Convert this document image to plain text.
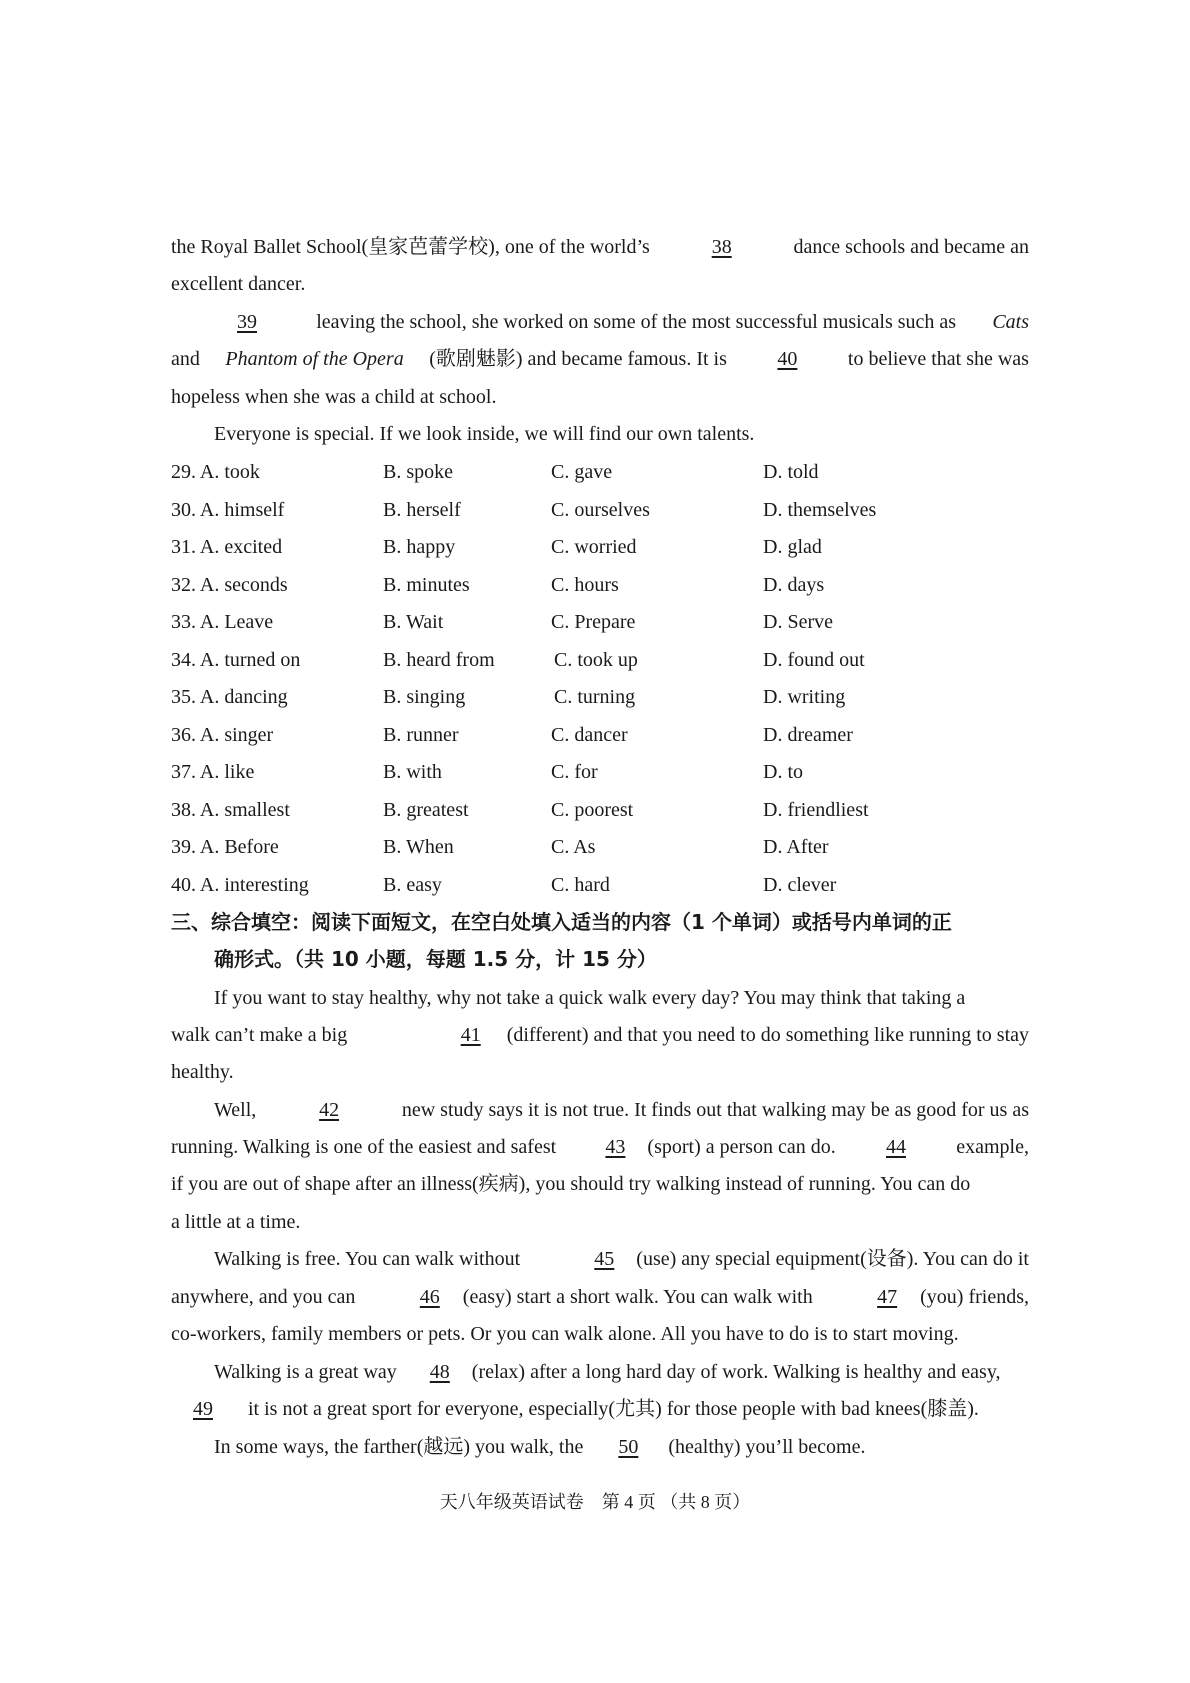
the Royal Ballet School(皇家芭蕾学校), one of the world’s	38	dance schools and became an
excellent dancer.
39	leaving the school, she worked on some of the most successful musicals such as Cats
and Phantom of the Opera (歌剧魅影) and became famous. It is	40	to believe that she was
hopeless when she was a child at school.
Everyone is special. If we look inside, we will find our own talents.
29. A. took	B. spoke	C. gave	D. told
30. A. himself	B. herself	C. ourselves	D. themselves
31. A. excited	B. happy	C. worried	D. glad
32. A. seconds	B. minutes	C. hours	D. days
33. A. Leave	B. Wait	C. Prepare	D. Serve
34. A. turned on	B. heard from	C. took up	D. found out
35. A. dancing	B. singing	C. turning	D. writing
36. A. singer	B. runner	C. dancer	D. dreamer
37. A. like	B. with	C. for	D. to
38. A. smallest	B. greatest	C. poorest	D. friendliest
39. A. Before	B. When	C. As	D. After
40. A. interesting	B. easy	C. hard	D. clever
三、综合填空：阅读下面短文，在空白处填入适当的内容（1 个单词）或括号内单词的正
确形式。（共 10 小题，每题 1.5 分，计 15 分）
If you want to stay healthy, why not take a quick walk every day? You may think that taking a
walk can’t make a big	41	(different) and that you need to do something like running to stay
healthy.
Well,	42	new study says it is not true. It finds out that walking may be as good for us as
running. Walking is one of the easiest and safest	43	(sport) a person can do.	44	example,
if you are out of shape after an illness(疾病), you should try walking instead of running. You can do
a little at a time.
Walking is free. You can walk without	45	(use) any special equipment(设备). You can do it
anywhere, and you can	46	(easy) start a short walk. You can walk with	47	(you) friends,
co-workers, family members or pets. Or you can walk alone. All you have to do is to start moving.
Walking is a great way 48 (relax) after a long hard day of work. Walking is healthy and easy,
49 it is not a great sport for everyone, especially(尤其) for those people with bad knees(膝盖).
In some ways, the farther(越远) you walk, the 50 (healthy) you’ll become.
天八年级英语试卷　第 4 页 （共 8 页）
